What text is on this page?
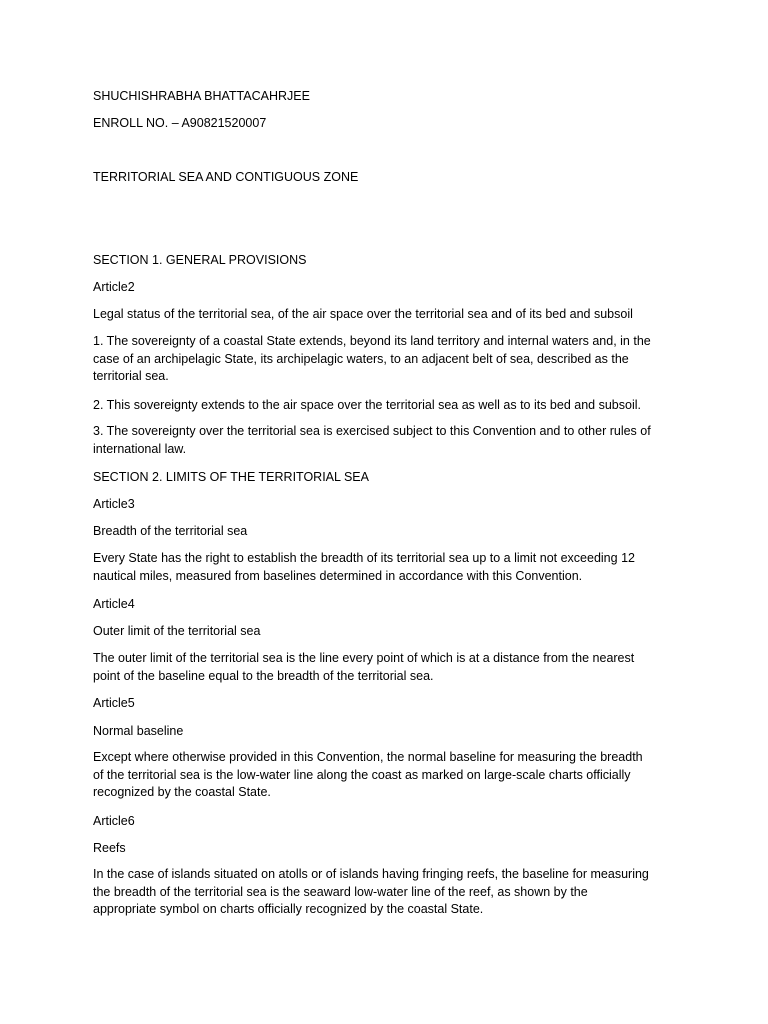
SHUCHISHRABHA BHATTACAHRJEE
ENROLL NO. – A90821520007
TERRITORIAL SEA AND CONTIGUOUS ZONE
SECTION 1. GENERAL PROVISIONS
Article2
Legal status of the territorial sea, of the air space over the territorial sea and of its bed and subsoil
1. The sovereignty of a coastal State extends, beyond its land territory and internal waters and, in the
case of an archipelagic State, its archipelagic waters, to an adjacent belt of sea, described as the
territorial sea.
2. This sovereignty extends to the air space over the territorial sea as well as to its bed and subsoil.
3. The sovereignty over the territorial sea is exercised subject to this Convention and to other rules of
international law.
SECTION 2. LIMITS OF THE TERRITORIAL SEA
Article3
Breadth of the territorial sea
Every State has the right to establish the breadth of its territorial sea up to a limit not exceeding 12
nautical miles, measured from baselines determined in accordance with this Convention.
Article4
Outer limit of the territorial sea
The outer limit of the territorial sea is the line every point of which is at a distance from the nearest
point of the baseline equal to the breadth of the territorial sea.
Article5
Normal baseline
Except where otherwise provided in this Convention, the normal baseline for measuring the breadth
of the territorial sea is the low-water line along the coast as marked on large-scale charts officially
recognized by the coastal State.
Article6
Reefs
In the case of islands situated on atolls or of islands having fringing reefs, the baseline for measuring
the breadth of the territorial sea is the seaward low-water line of the reef, as shown by the
appropriate symbol on charts officially recognized by the coastal State.
